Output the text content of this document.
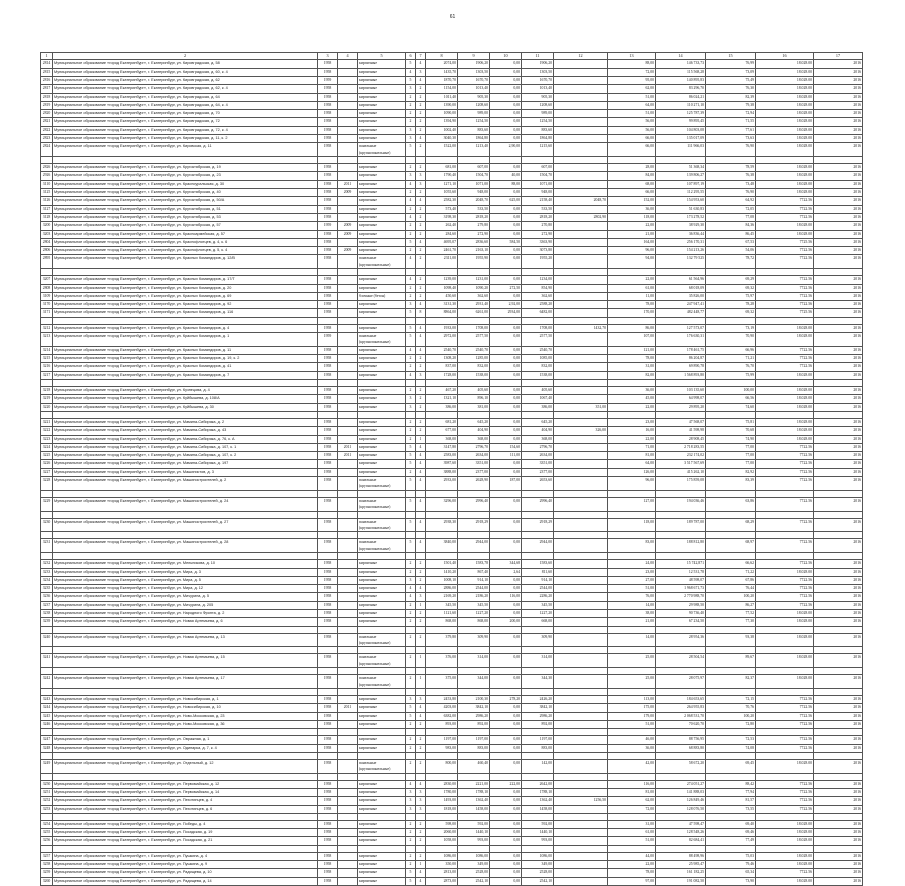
61
1	2	3	4	5	6	7	8	9	10	11	12	13	14	15	16	17
2814	Муниципальное образование «город Екатеринбург», г. Екатеринбург, ул. Кировградская, д. 58	1958		кирпичные	5	4	2074,00	1906,20	0,00	1906,20		88,00	146 733,73	76,99	18.028.00	2016
2815	Муниципальное образование «город Екатеринбург», г. Екатеринбург, ул. Кировградская, д. 60, к. 4	1958		кирпичные	4	3	1435,70	1303,50	0,00	1303,50		72,00	115 568,28	73,09	18.028.00	2016
2816	Муниципальное образование «город Екатеринбург», г. Екатеринбург, ул. Кировградская, д. 62	1959		кирпичные	5	4	1870,70	1670,70	0,00	1670,70		95,00	140 895,83	75,49	18.028.00	2016
2817	Муниципальное образование «город Екатеринбург», г. Екатеринбург, ул. Кировградская, д. 62, к. 4	1958		кирпичные	3	2	1154,00	1013,40	0,00	1013,40		62,00	83 296,70	76,30	18.028.00	2016
2818	Муниципальное образование «город Екатеринбург», г. Екатеринбург, ул. Кировградская, д. 64	1958		кирпичные	2	2	1011,40	905,30	0,00	905,30		51,00	86 024,21	82,39	18.028.00	2016
2819	Муниципальное образование «город Екатеринбург», г. Екатеринбург, ул. Кировградская, д. 64, к. 4	1958		кирпичные	2	2	1390,00	1208,60	0,00	1208,60		64,00	110 271,10	79,38	18.028.00	2016
2820	Муниципальное образование «город Екатеринбург», г. Екатеринбург, ул. Кировградская, д. 70	1958		кирпичные	2	2	1090,00	989,00	0,00	989,00		51,00	125 787,39	72,94	18.028.00	2016
2821	Муниципальное образование «город Екатеринбург», г. Екатеринбург, ул. Кировградская, д. 72	1958		кирпичные	2	2	1394,90	1254,50	0,00	1254,50		56,00	99 895,45	71,55	18.028.00	2016
2822	Муниципальное образование «город Екатеринбург», г. Екатеринбург, ул. Кировградская, д. 72, к. 4	1958		кирпичные	3	2	1002,40	883,60	0,00	883,60		56,00	104 803,08	77,61	18.028.00	2016
2823	Муниципальное образование «город Екатеринбург», г. Екатеринбург, ул. Кировградская, д. 11, к. 2	1958		кирпичные	3	4	3040,30	1864,80	0,00	1864,80		66,00	135 017,09	73,63	18.028.00	2016
2824	Муниципальное образование «город Екатеринбург», г. Екатеринбург, ул. Кировская, д. 11	1958		панельные (крупнопанельные)	5	2	1522,00	1213,40	2,90,00	1215,60		66,00	111 966,03	76,90	18.028.00	2016

2826	Муниципальное образование «город Екатеринбург», г. Екатеринбург, ул. Кругоктябрская, д. 19	1958		кирпичные	2	2	681,00	607,00	0,00	607,00		28,00	51 368,34	78,59	18.028.00	2016
2926	Муниципальное образование «город Екатеринбург», г. Екатеринбург, ул. Кругоктябрская, д. 23	1958		кирпичные	3	3	1790,40	1504,70	40,00	1504,70		84,00	139 806,27	76,38	18.028.00	2016
3110	Муниципальное образование «город Екатеринбург», г. Екатеринбург, ул. Красноуральская, д. 30	1958	2011	кирпичные	4	3	1271,10	1071,00	88,00	1071,00		68,00	107 897,19	73,48	18.028.00	2016
3125	Муниципальное образование «город Екатеринбург», г. Екатеринбург, ул. Кругоктябрская, д. 40	1958	2009	кирпичные	2	2	1055,60	948,00	0,00	948,00		66,00	112 295,55	76,90	18.028.00	2016
3126	Муниципальное образование «город Екатеринбург», г. Екатеринбург, ул. Кругоктябрская, д. 50/А	1958		кирпичные	4	4	2582,30	2048,70	625,00	2158,40	2048,70	152,00	154 953,60	64,92	7722.56	2016
3127	Муниципальное образование «город Екатеринбург», г. Екатеринбург, ул. Кругоктябрская, д. 51	1958		кирпичные	2	2	573,40	533,50	0,00	533,50		36,00	51 630,83	72,05	7722.56	2016
3128	Муниципальное образование «город Екатеринбург», г. Екатеринбург, ул. Кругоктябрская, д. 53	1958		кирпичные	4	2	3198,30	2818,20	0,00	2818,20	2802,90	118,00	173 278,52	77,08	7722.56	2016
3200	Муниципальное образование «город Екатеринбург», г. Екатеринбург, ул. Кругоктябрская, д. 57	1959	2009	кирпичные	2	2	262,40	279,80	0,00	270,80		22,00	38 929,30	84,36	18.028.00	2016
3203	Муниципальное образование «город Екатеринбург», г. Екатеринбург, ул. Красноармейская, д. 57	1958	2009	кирпичные	2	2	284,60	272,90	0,00	272,90		21,00	36 836,44	86,45	18.028.00	2016
2804	Муниципальное образование «город Екатеринбург», г. Екатеринбург, ул. Краснофлотцев, д. 4, к. 6	1958		кирпичные	5	4	4695,07	2836,60	584,50	3363,90		164,00	256 170,31	67,53	7725.56	2016
2806	Муниципальное образование «город Екатеринбург», г. Екатеринбург, ул. Краснофлотцев, д. 5, к. 4	1958	2009	кирпичные	2	2	2461,70	2163,10	0,00	3073,80		96,00	154 213,26	54,06	7722.56	2016
2895	Муниципальное образование «город Екатеринбург», г. Екатеринбург, ул. Красных Командиров, д. 12/В	1958		панельные (крупнопанельные)	4	2	2311,00	1955,90	0,00	1955,20		94,00	132 79 525	78,72	7722.56	2016

3207	Муниципальное образование «город Екатеринбург», г. Екатеринбург, ул. Красных Командиров, д. 17/Т	1958		кирпичные	4	2	1239,00	1231,00	0,00	1234,00		22,00	61 564,96	69,29	7722.56	2016
2808	Муниципальное образование «город Екатеринбург», г. Екатеринбург, ул. Красных Командиров, д. 20	1958		кирпичные	2	2	1098,40	1090,20	272,50	854,90		61,00	68 018,09	69,32	7722.56	2016
3109	Муниципальное образование «город Екатеринбург», г. Екатеринбург, ул. Красных Командиров, д. 69	1958		блочные (бетон)	2	2	450,60	362,60	0,00	362,60		11,00	35 826,00	75,97	7722.56	2016
3170	Муниципальное образование «город Екатеринбург», г. Екатеринбург, ул. Красных Командиров, д. 92	1958		кирпичные	3	4	3131,30	2931,40	2,92,00	2588,20		78,00	247 947,41	78,28	7722.56	2016
3171	Муниципальное образование «город Екатеринбург», г. Екатеринбург, ул. Красных Командиров, д. 116	1958		кирпичные	5	8	8864,00	6261,00	2934,00	6482,00		170,00	482 448,77	69,32	7725.56	2016

3212	Муниципальное образование «город Екатеринбург», г. Екатеринбург, ул. Красных Командиров, д. 4	1958		кирпичные	5	4	1933,00	1708,00	0,00	1708,00	1432,70	86,00	127 573,07	73,19	18.028.00	2016
3213	Муниципальное образование «город Екатеринбург», г. Екатеринбург, ул. Красных Командиров, д. 1	1959		панельные (крупнопанельные)	5	4	2972,00	2577,50	0,00	2577,50		107,00	176 630,31	70,90	18.028.00	2016
3214	Муниципальное образование «город Екатеринбург», г. Екатеринбург, ул. Красных Командиров, д. 11	1958		кирпичные	4	4	2540,70	2540,70	0,00	2540,70		121,00	178 461,75	66,96	7722.56	2016
3215	Муниципальное образование «город Екатеринбург», г. Екатеринбург, ул. Красных Командиров, д. 19, к. 2	1958		кирпичные	2	2	1308,20	1285,00	0,00	1085,00		78,00	86 204,87	71,21	7722.56	2016
3216	Муниципальное образование «город Екатеринбург», г. Екатеринбург, ул. Красных Командиров, д. 41	1958		кирпичные	2	2	837,00	832,00	0,00	832,00		31,00	69 890,78	76,70	7722.56	2016
3217	Муниципальное образование «город Екатеринбург», г. Екатеринбург, ул. Красных Командиров, д. 7	1958		кирпичные	4	3	1728,00	1538,00	0,00	1538,00		82,00	1 568 893,80	75,99	18.028.00	2016

3218	Муниципальное образование «город Екатеринбург», г. Екатеринбург, ул. Кузнецова, д. 4	1958		кирпичные	2	2	467,20	405,60	0,00	405,60		36,00	103 135,60	100,00	18.028.00	2016
3219	Муниципальное образование «город Екатеринбург», г. Екатеринбург, ул. Куйбышева, д. 108/А	1958		кирпичные	3	2	1321,10	896,10	0,00	1067,40		45,00	64 998,07	66,56	18.028.00	2016
3220	Муниципальное образование «город Екатеринбург», г. Екатеринбург, ул. Куйбышева, д. 30	1958		кирпичные	3	2	386,00	381,00	0,00	386,00	351,00	22,00	29 895,20	74,60	18.028.00	2016

3221	Муниципальное образование «город Екатеринбург», г. Екатеринбург, ул. Мамина-Сибиряка, д. 2	1958		кирпичные	2	2	681,20	645,20	0,00	645,20		23,00	47 568,07	75,81	18.028.00	2016
3222	Муниципальное образование «город Екатеринбург», г. Екатеринбург, ул. Мамина-Сибиряка, д. 43	1958		кирпичные	2	2	677,00	404,90	0,00	404,90	326,00	16,00	41 598,98	70,68	18.028.00	2016
3223	Муниципальное образование «город Екатеринбург», г. Екатеринбург, ул. Мамина-Сибиряка, д. 76, к. А	1958		кирпичные	2	1	368,00	368,00	0,00	368,00		22,00	28 908,45	74,90	18.028.00	2016
3224	Муниципальное образование «город Екатеринбург», г. Екатеринбург, ул. Мамина-Сибиряка, д. 107, к. 1	1958	2011	кирпичные	5	4	3147,80	2796,70	154,60	2796,70		71,00	2 718 283,55	77,00	7722.56	2016
3225	Муниципальное образование «город Екатеринбург», г. Екатеринбург, ул. Мамина-Сибиряка, д. 107, к. 2	1958	2011	кирпичные	5	4	2583,00	2634,00	111,00	2634,00		81,00	232 174,02	77,00	7722.56	2016
3226	Муниципальное образование «город Екатеринбург», г. Екатеринбург, ул. Мамина-Сибиряка, д. 197	1958		кирпичные	5	4	3987,60	3351,00	0,00	3351,00		64,00	3 517 567,69	77,00	7722.56	2016
3227	Муниципальное образование «город Екатеринбург», г. Екатеринбург, ул. Машинистов, д. 3	1958		кирпичные	2	4	3888,00	2377,00	0,00	2377,00		126,00	415 262,10	82,92	7722.56	2016
3228	Муниципальное образование «город Екатеринбург», г. Екатеринбург, ул. Машиностроителей, д. 2	1958		панельные (крупнопанельные)	5	4	2933,00	2628,90	187,00	2653,60		96,00	175 859,08	83,39	7722.56	2016

3229	Муниципальное образование «город Екатеринбург», г. Екатеринбург, ул. Машиностроителей, д. 24	1958		панельные (крупнопанельные)	5	4	3296,00	2996,40	0,00	2996,40		127,00	194 036,46	63,86	7722.56	2016

3230	Муниципальное образование «город Екатеринбург», г. Екатеринбург, ул. Машиностроителей, д. 27	1958		панельные (крупнопанельные)	5	4	2938,30	2918,29	0,00	2918,29		118,00	189 787,00	68,29	7722.56	2016

3231	Муниципальное образование «город Екатеринбург», г. Екатеринбург, ул. Машиностроителей, д. 28	1958		панельные (крупнопанельные)	5	4	3840,00	2944,00	0,00	2944,00		83,00	188 812,80	68,97	7722.56	2016

3232	Муниципальное образование «город Екатеринбург», г. Екатеринбург, ул. Мельникова, д. 10	1958		кирпичные	2	2	1501,40	1583,78	344,68	1583,60		24,00	15 742,871	66,62	7722.56	2016
3233	Муниципальное образование «город Екатеринбург», г. Екатеринбург, ул. Мира, д. 3	1958		кирпичные	2	2	1410,20	867,40	2,64	811,60		23,00	12 531,78	71,22	18.028.00	2016
3234	Муниципальное образование «город Екатеринбург», г. Екатеринбург, ул. Мира, д. 5	1958		кирпичные	3	2	1008,10	914,10	0,00	914,10		27,00	48 598,07	67,86	7722.56	2016
3235	Муниципальное образование «город Екатеринбург», г. Екатеринбург, ул. Мира, д. 12	1958		кирпичные	4	4	2886,00	2544,00	0,00	2544,00		51,00	1 968 671,73	76,44	7722.56	2016
3236	Муниципальное образование «город Екатеринбург», г. Екатеринбург, ул. Мичурина, д. 5	1958		кирпичные	4	3	2169,20	2186,20	116,00	2286,20		76,00	2 770 988,70	100,20	7722.56	2016
3237	Муниципальное образование «город Екатеринбург», г. Екатеринбург, ул. Мичурина, д. 205	1958		кирпичные	2	1	345,50	345,50	0,00	345,50		14,00	29 988,50	86,27	7722.56	2016
3238	Муниципальное образование «город Екатеринбург», г. Екатеринбург, ул. Народного Фронта, д. 2	1958		кирпичные	2	2	1121,60	1227,20	0,00	1227,20		38,00	90 736,40	77,52	18.028.00	2016
3239	Муниципальное образование «город Екатеринбург», г. Екатеринбург, ул. Новая Артемьева, д. 6	1958		кирпичные	2	2	868,00	868,00	200,00	668,00		21,00	67 234,50	77,30	18.028.00	2016

3240	Муниципальное образование «город Екатеринбург», г. Екатеринбург, ул. Новая Артемьева, д. 13	1958		панельные (крупнопанельные)	2	2	379,80	309,90	0,00	309,90		14,00	28 954,36	93,38	18.028.00	2016

3241	Муниципальное образование «город Екатеринбург», г. Екатеринбург, ул. Новая Артемьева, д. 15	1958		панельные (крупнопанельные)	2	1	376,00	314,00	0,00	314,00		25,00	28 504,54	89,67	18.028.00	2016

3242	Муниципальное образование «город Екатеринбург», г. Екатеринбург, ул. Новая Артемьева, д. 17	1958		панельные (крупнопанельные)	2	1	375,00	344,00	0,00	344,30		25,00	28 075,97	82,37	18.028.00	2016

3243	Муниципальное образование «город Екатеринбург», г. Екатеринбург, ул. Новосибирская, д. 1	1958		кирпичные	3	3	2453,80	2100,30	278,20	2426,20		113,00	184 653,65	72,15	7722.56	2016
3244	Муниципальное образование «город Екатеринбург», г. Екатеринбург, ул. Новосибирская, д. 10	1958	2011	кирпичные	5	4	4203,00	3842,10	0,00	3842,10		175,00	264 955,83	70,76	7722.56	2016
3245	Муниципальное образование «город Екатеринбург», г. Екатеринбург, ул. Ново-Московская, д. 23	1958		кирпичные	5	4	6382,00	2986,20	0,00	2986,20		179,00	2 068 531,70	100,20	7722.56	2016
3246	Муниципальное образование «город Екатеринбург», г. Екатеринбург, ул. Ново-Московская, д. 36	1958		кирпичные	2	2	893,00	892,00	0,00	892,00		51,00	70 620,70	72,80	7722.56	2016

3247	Муниципальное образование «город Екатеринбург», г. Екатеринбург, ул. Овражная, д. 1	1958		кирпичные	2	2	1197,00	1197,00	0,00	1197,00		46,00	88 756,95	72,53	7722.56	2016
3248	Муниципальное образование «город Екатеринбург», г. Екатеринбург, ул. Одинарка, д. 7, к. 4	1958		кирпичные	2	2	983,00	883,00	0,00	883,00		36,00	68 883,80	74,08	7722.56	2016

3249	Муниципальное образование «город Екатеринбург», г. Екатеринбург, ул. Отдельный, д. 12	1958		панельные (крупнопанельные)	2	2	800,00	460,40	0,00	142,00		42,00	58 672,20	69,45	18.028.00	2016

3250	Муниципальное образование «город Екатеринбург», г. Екатеринбург, ул. Первомайская, д. 12	1958		кирпичные	4	4	2830,00	2221,00	222,00	2642,00		116,00	274 051,27	88,42	7722.56	2016
3251	Муниципальное образование «город Екатеринбург», г. Екатеринбург, ул. Первомайская, д. 14	1958		кирпичные	3	3	1780,00	1788,10	0,00	1788,10		81,00	141 888,03	77,94	7722.56	2016
3252	Муниципальное образование «город Екатеринбург», г. Екатеринбург, ул. Пехотинцев, д. 4	1958		кирпичные	3	3	1493,00	1362,40	0,00	1362,40	1256,50	62,00	126 849,46	81,57	7722.56	2016
3253	Муниципальное образование «город Екатеринбург», г. Екатеринбург, ул. Пехотинцев, д. 6	1958		кирпичные	3	3	1818,00	1458,00	0,00	1458,00		72,00	128 076,50	73,55	7722.56	2016

3254	Муниципальное образование «город Екатеринбург», г. Екатеринбург, ул. Победы, д. 4	1958		кирпичные	2	2	598,00	592,00	0,00	592,00		31,00	47 598,47	69,40	18.028.00	2016
3255	Муниципальное образование «город Екатеринбург», г. Екатеринбург, ул. Посадская, д. 19	1958		кирпичные	2	2	2060,00	1440,10	0,00	1440,10		61,00	128 548,26	69,46	18.028.00	2016
3256	Муниципальное образование «город Екатеринбург», г. Екатеринбург, ул. Посадская, д. 21	1958		кирпичные	2	2	1058,00	993,00	0,00	993,00		51,00	82 684,41	77,49	18.028.00	2016

3257	Муниципальное образование «город Екатеринбург», г. Екатеринбург, ул. Пушкина, д. 4	1958		кирпичные	2	2	1086,00	1086,00	0,00	1086,00		44,00	88 498,96	75,03	18.028.00	2016
3258	Муниципальное образование «город Екатеринбург», г. Екатеринбург, ул. Пушкина, д. 9	1958		кирпичные	2	1	350,00	349,00	0,00	349,00		22,00	25 985,47	79,46	18.028.00	2016
3259	Муниципальное образование «город Екатеринбург», г. Екатеринбург, ул. Радищева, д. 10	1958		кирпичные	5	4	2813,00	2528,00	0,00	2528,00		78,00	161 182,25	65,34	7722.56	2016
3260	Муниципальное образование «город Екатеринбург», г. Екатеринбург, ул. Радищева, д. 14	1958		кирпичные	5	4	2873,00	2542,10	0,00	2542,10		97,00	191 082,50	73,90	18.028.00	2016
